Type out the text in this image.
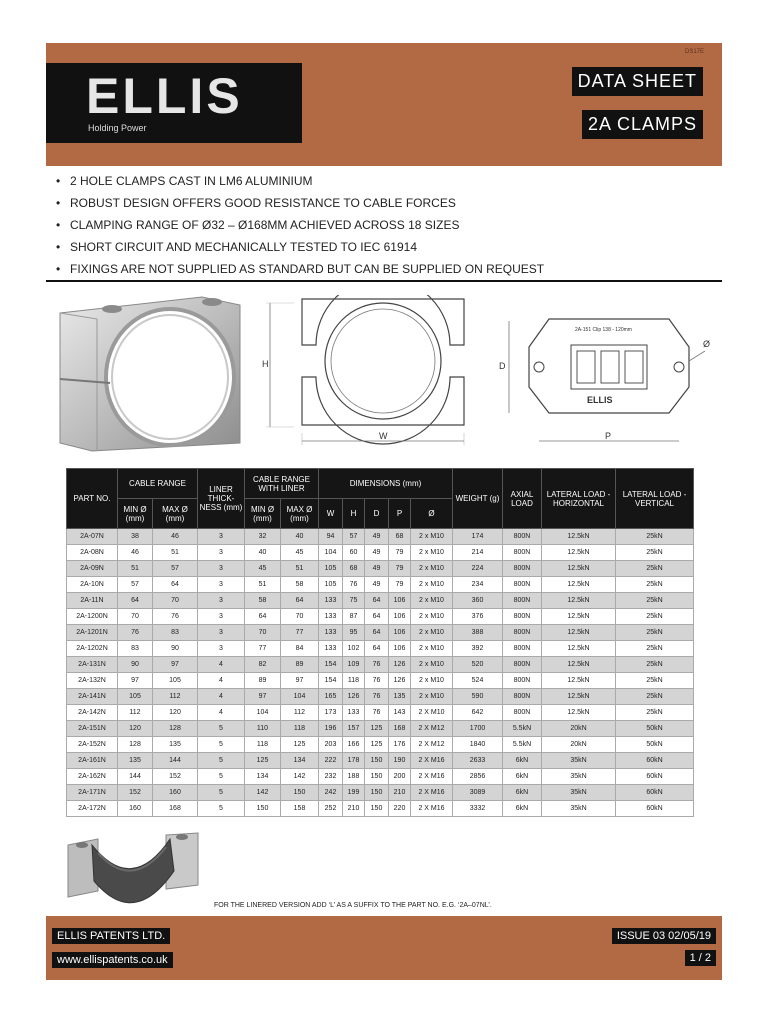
ELLIS
Holding Power
DS17E
DATA SHEET
2A CLAMPS
• 2 HOLE CLAMPS CAST IN LM6 ALUMINIUM
• ROBUST DESIGN OFFERS GOOD RESISTANCE TO CABLE FORCES
• CLAMPING RANGE OF Ø32 – Ø168MM ACHIEVED ACROSS 18 SIZES
• SHORT CIRCUIT AND MECHANICALLY TESTED TO IEC 61914
• FIXINGS ARE NOT SUPPLIED AS STANDARD BUT CAN BE SUPPLIED ON REQUEST
H
W
D
2A-151 Clip 138 - 120mm
ELLIS
Ø
P
PART NO.	CABLE RANGE		LINER THICK- NESS (mm)	CABLE RANGE WITH LINER		DIMENSIONS (mm)					WEIGHT (g)	AXIAL LOAD	LATERAL LOAD - HORIZONTAL	LATERAL LOAD - VERTICAL
	MIN Ø (mm)	MAX Ø (mm)		MIN Ø (mm)	MAX Ø (mm)	W	H	D	P	Ø				
2A-07N	38	46	3	32	40	94	57	49	68	2 x M10	174	800N	12.5kN	25kN
2A-08N	46	51	3	40	45	104	60	49	79	2 x M10	214	800N	12.5kN	25kN
2A-09N	51	57	3	45	51	105	68	49	79	2 x M10	224	800N	12.5kN	25kN
2A-10N	57	64	3	51	58	105	76	49	79	2 x M10	234	800N	12.5kN	25kN
2A-11N	64	70	3	58	64	133	75	64	106	2 x M10	360	800N	12.5kN	25kN
2A-1200N	70	76	3	64	70	133	87	64	106	2 x M10	376	800N	12.5kN	25kN
2A-1201N	76	83	3	70	77	133	95	64	106	2 x M10	388	800N	12.5kN	25kN
2A-1202N	83	90	3	77	84	133	102	64	106	2 x M10	392	800N	12.5kN	25kN
2A-131N	90	97	4	82	89	154	109	76	126	2 x M10	520	800N	12.5kN	25kN
2A-132N	97	105	4	89	97	154	118	76	126	2 x M10	524	800N	12.5kN	25kN
2A-141N	105	112	4	97	104	165	126	76	135	2 x M10	590	800N	12.5kN	25kN
2A-142N	112	120	4	104	112	173	133	76	143	2 X M10	642	800N	12.5kN	25kN
2A-151N	120	128	5	110	118	196	157	125	168	2 X M12	1700	5.5kN	20kN	50kN
2A-152N	128	135	5	118	125	203	166	125	176	2 X M12	1840	5.5kN	20kN	50kN
2A-161N	135	144	5	125	134	222	178	150	190	2 X M16	2633	6kN	35kN	60kN
2A-162N	144	152	5	134	142	232	188	150	200	2 X M16	2856	6kN	35kN	60kN
2A-171N	152	160	5	142	150	242	199	150	210	2 X M16	3089	6kN	35kN	60kN
2A-172N	160	168	5	150	158	252	210	150	220	2 X M16	3332	6kN	35kN	60kN
FOR THE LINERED VERSION ADD ‘L’ AS A SUFFIX TO THE PART NO. E.G. ‘2A–07NL’.
ELLIS PATENTS LTD.
www.ellispatents.co.uk
ISSUE 03 02/05/19
1 / 2
